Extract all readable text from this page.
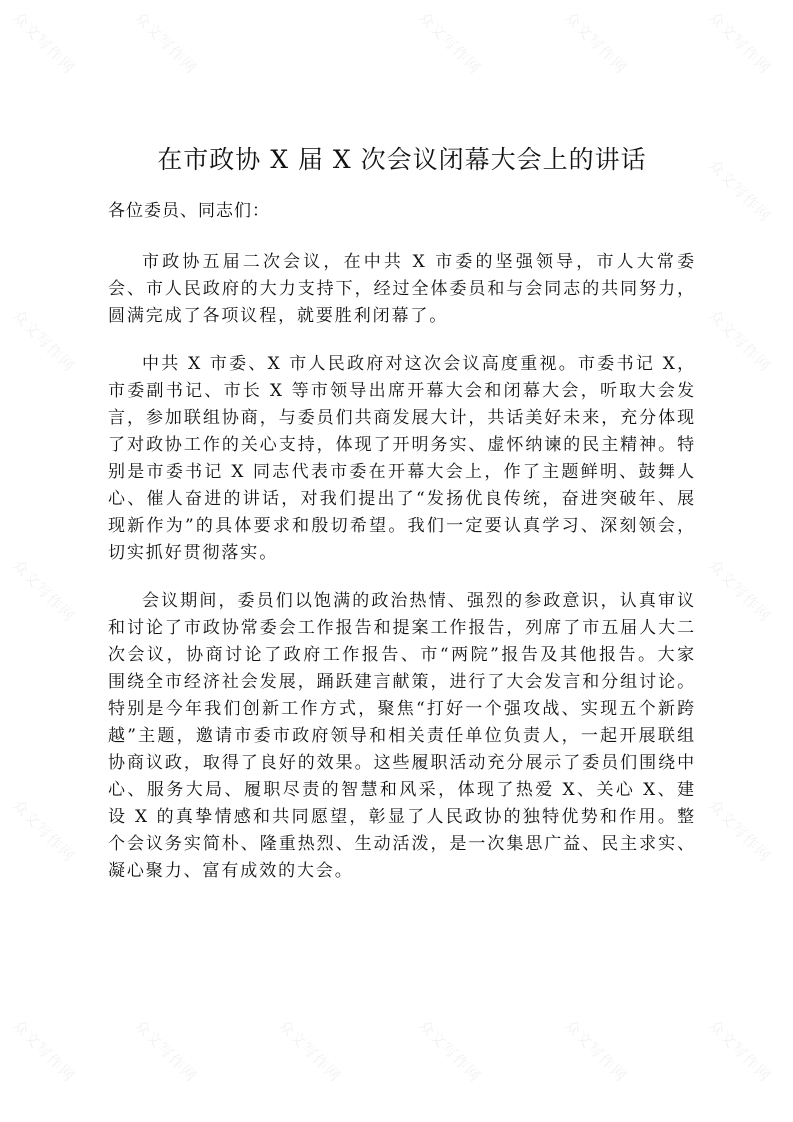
众文写作网	众文写作网	众文写作网	众文写作网	众文写作网
众文写作网
众文写作网	众文写作网
众文写作网	众文写作网
众文写作网	众文写作网
众文写作网	众文写作网	众文写作网	众文写作网	众文写作网	众文写作网
在市政协 X 届 X 次会议闭幕大会上的讲话

各位委员、同志们：

市政协五届二次会议，在中共 X 市委的坚强领导，市人大常委会、市人民政府的大力支持下，经过全体委员和与会同志的共同努力，圆满完成了各项议程，就要胜利闭幕了。

中共 X 市委、X 市人民政府对这次会议高度重视。市委书记 X，市委副书记、市长 X 等市领导出席开幕大会和闭幕大会，听取大会发言，参加联组协商，与委员们共商发展大计，共话美好未来，充分体现了对政协工作的关心支持，体现了开明务实、虚怀纳谏的民主精神。特别是市委书记 X 同志代表市委在开幕大会上，作了主题鲜明、鼓舞人心、催人奋进的讲话，对我们提出了“发扬优良传统，奋进突破年、展现新作为”的具体要求和殷切希望。我们一定要认真学习、深刻领会，切实抓好贯彻落实。

会议期间，委员们以饱满的政治热情、强烈的参政意识，认真审议和讨论了市政协常委会工作报告和提案工作报告，列席了市五届人大二次会议，协商讨论了政府工作报告、市“两院”报告及其他报告。大家围绕全市经济社会发展，踊跃建言献策，进行了大会发言和分组讨论。特别是今年我们创新工作方式，聚焦“打好一个强攻战、实现五个新跨越”主题，邀请市委市政府领导和相关责任单位负责人，一起开展联组协商议政，取得了良好的效果。这些履职活动充分展示了委员们围绕中心、服务大局、履职尽责的智慧和风采，体现了热爱 X、关心 X、建设 X 的真挚情感和共同愿望，彰显了人民政协的独特优势和作用。整个会议务实简朴、隆重热烈、生动活泼，是一次集思广益、民主求实、凝心聚力、富有成效的大会。
